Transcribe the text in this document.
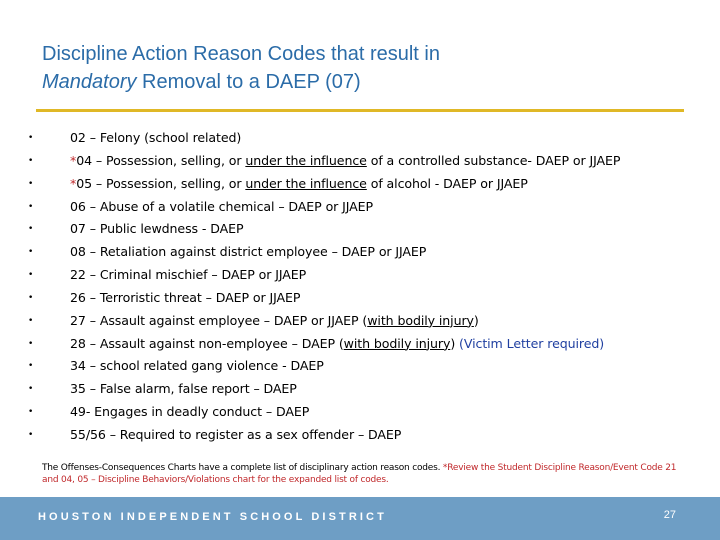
Discipline Action Reason Codes that result in
Mandatory Removal to a DAEP (07)
•	02 – Felony (school related)
•	*04 – Possession, selling, or under the influence of a controlled substance- DAEP or JJAEP
•	*05 – Possession, selling, or under the influence of alcohol - DAEP or JJAEP
•	06 – Abuse of a volatile chemical – DAEP or JJAEP
•	07 – Public lewdness - DAEP
•	08 – Retaliation against district employee – DAEP or JJAEP
•	22 – Criminal mischief – DAEP or JJAEP
•	26 – Terroristic threat – DAEP or JJAEP
•	27 – Assault against employee – DAEP or JJAEP (with bodily injury)
•	28 – Assault against non-employee – DAEP (with bodily injury) (Victim Letter required)
•	34 – school related gang violence - DAEP
•	35 – False alarm, false report – DAEP
•	49- Engages in deadly conduct – DAEP
•	55/56 – Required to register as a sex offender – DAEP
The Offenses-Consequences Charts have a complete list of disciplinary action reason codes. *Review the Student Discipline Reason/Event Code 21 and 04, 05 – Discipline Behaviors/Violations chart for the expanded list of codes.
HOUSTON INDEPENDENT SCHOOL DISTRICT	27
